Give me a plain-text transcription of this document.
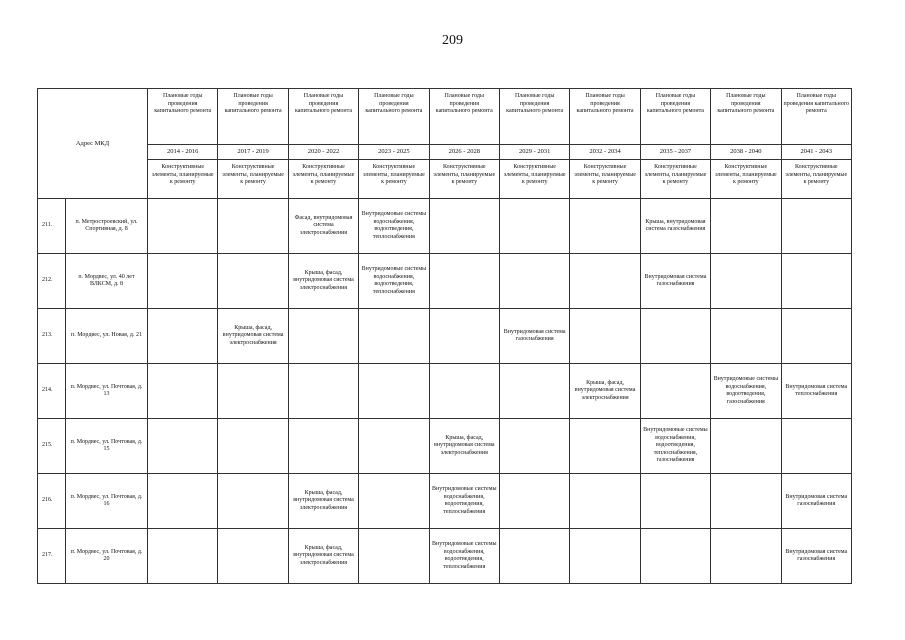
209
Адрес МКД		Плановые годы проведения капитального ремонта	Плановые годы проведения капитального ремонта	Плановые годы проведения капитального ремонта	Плановые годы проведения капитального ремонта	Плановые годы проведения капитального ремонта	Плановые годы проведения капитального ремонта	Плановые годы проведения капитального ремонта	Плановые годы проведения капитального ремонта	Плановые годы проведения капитального ремонта	Плановые годы проведения капитального ремонта
		2014 - 2016	2017 - 2019	2020 - 2022	2023 - 2025	2026 - 2028	2029 - 2031	2032 - 2034	2035 - 2037	2038 - 2040	2041 - 2043
		Конструктивные элементы, планируемые к ремонту	Конструктивные элементы, планируемые к ремонту	Конструктивные элементы, планируемые к ремонту	Конструктивные элементы, планируемые к ремонту	Конструктивные элементы, планируемые к ремонту	Конструктивные элементы, планируемые к ремонту	Конструктивные элементы, планируемые к ремонту	Конструктивные элементы, планируемые к ремонту	Конструктивные элементы, планируемые к ремонту	Конструктивные элементы, планируемые к ремонту
211.	п. Метростроевский, ул. Спортивная, д. 8			Фасад, внутридомовая система электроснабжения	Внутридомовые системы водоснабжения, водоотведения, теплоснабжения				Крыша, внутридомовая система газоснабжения		
212.	п. Мордвес, ул. 40 лет ВЛКСМ, д. 8			Крыша, фасад, внутридомовая система электроснабжения	Внутридомовые системы водоснабжения, водоотведения, теплоснабжения				Внутридомовая система газоснабжения		
213.	п. Мордвес, ул. Новая, д. 21		Крыша, фасад, внутридомовая система электроснабжения				Внутридомовая система газоснабжения				
214.	п. Мордвес, ул. Почтовая, д. 13							Крыша, фасад, внутридомовая система электроснабжения		Внутридомовые системы водоснабжения, водоотведения, газоснабжения	Внутридомовая система теплоснабжения
215.	п. Мордвес, ул. Почтовая, д. 15					Крыша, фасад, внутридомовая система электроснабжения			Внутридомовые системы водоснабжения, водоотведения, теплоснабжения, газоснабжения		
216.	п. Мордвес, ул. Почтовая, д. 16			Крыша, фасад, внутридомовая система электроснабжения		Внутридомовые системы водоснабжения, водоотведения, теплоснабжения					Внутридомовая система газоснабжения
217.	п. Мордвес, ул. Почтовая, д. 20			Крыша, фасад, внутридомовая система электроснабжения		Внутридомовые системы водоснабжения, водоотведения, теплоснабжения					Внутридомовая система газоснабжения
